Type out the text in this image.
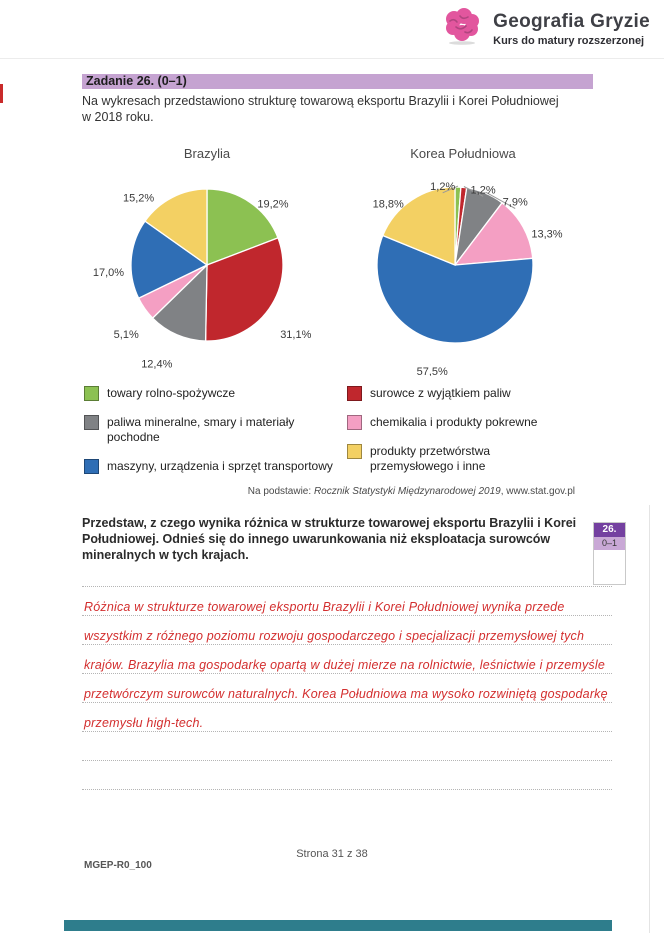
Geografia Gryzie
Kurs do matury rozszerzonej
Zadanie 26. (0–1)
Na wykresach przedstawiono strukturę towarową eksportu Brazylii i Korei Południowej
w 2018 roku.
Brazylia
19,2%
31,1%
12,4%
5,1%
17,0%
15,2%
Korea Południowa
1,2% 1,2%
7,9%
13,3%
57,5%
18,8%
towary rolno-spożywcze
paliwa mineralne, smary i materiały pochodne
maszyny, urządzenia i sprzęt transportowy
surowce z wyjątkiem paliw
chemikalia i produkty pokrewne
produkty przetwórstwa przemysłowego i inne
Na podstawie: Rocznik Statystyki Międzynarodowej 2019, www.stat.gov.pl
Przedstaw, z czego wynika różnica w strukturze towarowej eksportu Brazylii i Korei
Południowej. Odnieś się do innego uwarunkowania niż eksploatacja surowców
mineralnych w tych krajach.
26.
0–1
Różnica w strukturze towarowej eksportu Brazylii i Korei Południowej wynika przede
wszystkim z różnego poziomu rozwoju gospodarczego i specjalizacji przemysłowej tych
krajów. Brazylia ma gospodarkę opartą w dużej mierze na rolnictwie, leśnictwie i przemyśle
przetwórczym surowców naturalnych. Korea Południowa ma wysoko rozwiniętą gospodarkę
przemysłu high-tech.
Strona 31 z 38
MGEP-R0_100
